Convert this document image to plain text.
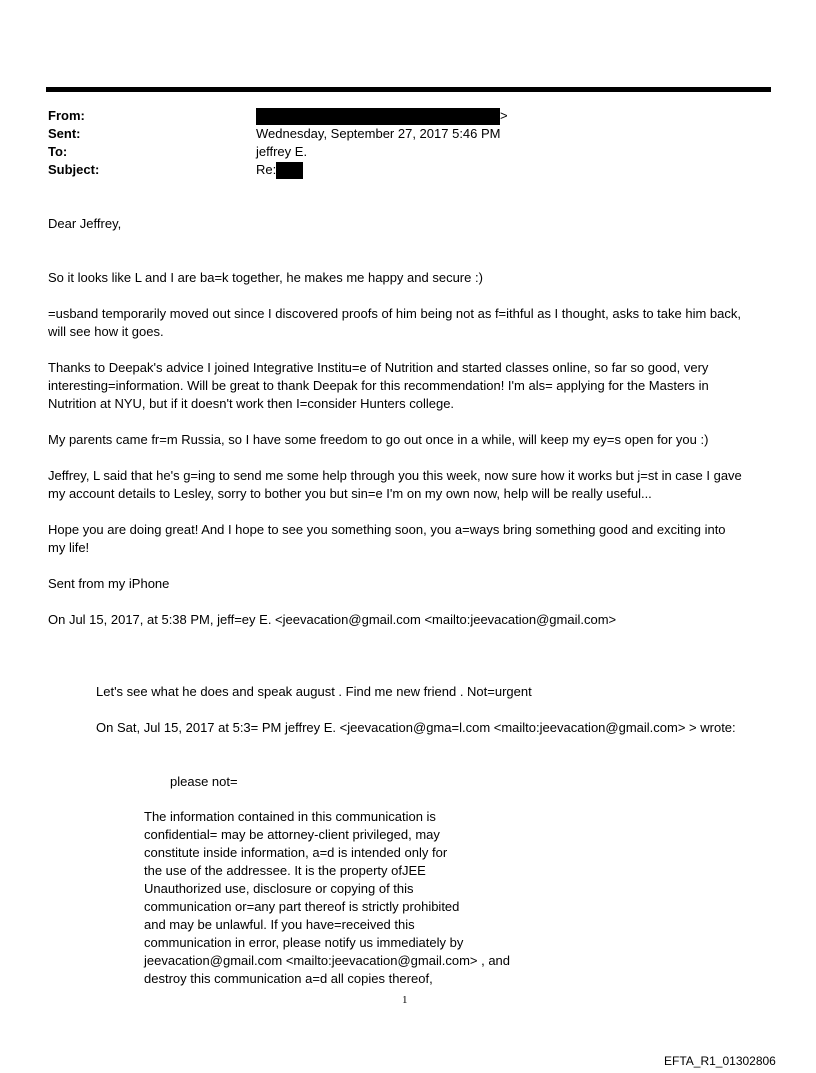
From:	>
Sent:	Wednesday, September 27, 2017 5:46 PM
To:	jeffrey E.
Subject:	Re:
Dear Jeffrey,
So it looks like L and I are ba=k together, he makes me happy and secure :)
=usband temporarily moved out since I discovered proofs of him being not as f=ithful as I thought, asks to take him back,
will see how it goes.
Thanks to Deepak's advice I joined Integrative Institu=e of Nutrition and started classes online, so far so good, very
interesting=information. Will be great to thank Deepak for this recommendation! I'm als= applying for the Masters in
Nutrition at NYU, but if it doesn't work then I=consider Hunters college.
My parents came fr=m Russia, so I have some freedom to go out once in a while, will keep my ey=s open for you :)
Jeffrey, L said that he's g=ing to send me some help through you this week, now sure how it works but j=st in case I gave
my account details to Lesley, sorry to bother you but sin=e I'm on my own now, help will be really useful...
Hope you are doing great! And I hope to see you something soon, you a=ways bring something good and exciting into
my life!
Sent from my iPhone
On Jul 15, 2017, at 5:38 PM, jeff=ey E. <jeevacation@gmail.com <mailto:jeevacation@gmail.com>
Let's see what he does and speak august . Find me new friend . Not=urgent
On Sat, Jul 15, 2017 at 5:3= PM jeffrey E. <jeevacation@gma=l.com <mailto:jeevacation@gmail.com> > wrote:
please not=
The information contained in this communication is
confidential= may be attorney-client privileged, may
constitute inside information, a=d is intended only for
the use of the addressee. It is the property ofJEE
Unauthorized use, disclosure or copying of this
communication or=any part thereof is strictly prohibited
and may be unlawful. If you have=received this
communication in error, please notify us immediately by
jeevacation@gmail.com <mailto:jeevacation@gmail.com> , and
destroy this communication a=d all copies thereof,
1
EFTA_R1_01302806
